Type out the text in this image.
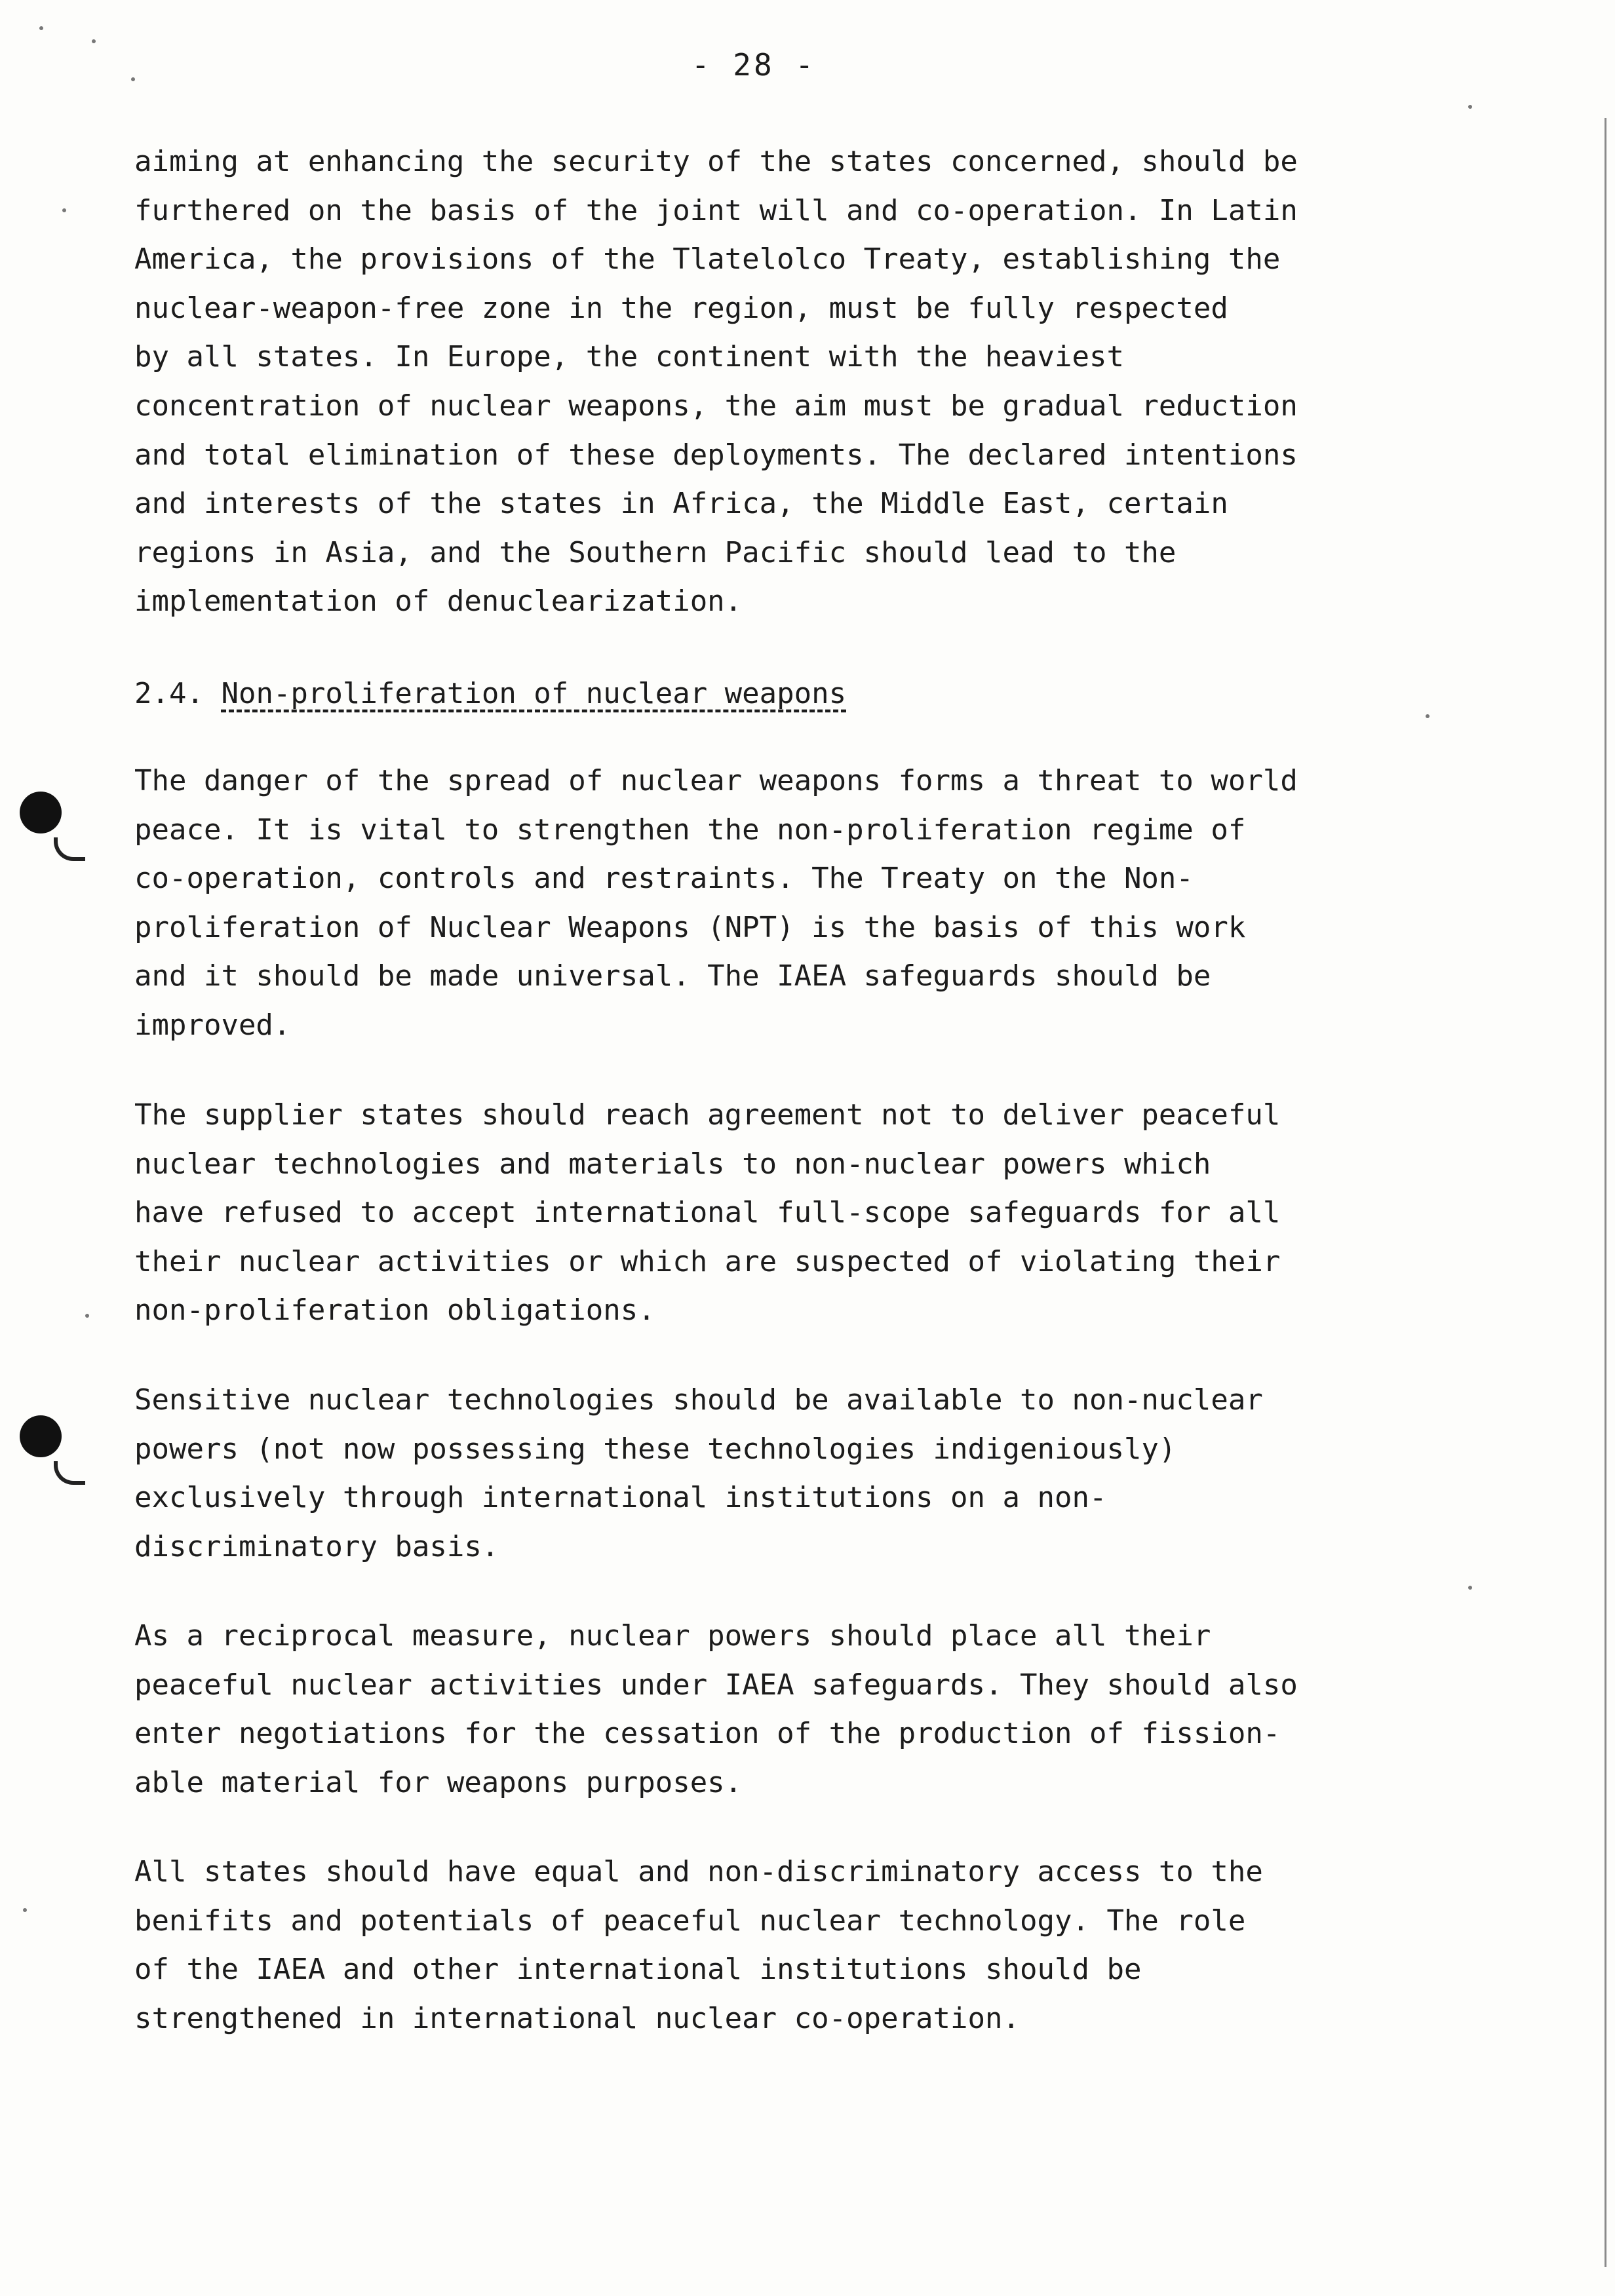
- 28 -
aiming at enhancing the security of the states concerned, should be
furthered on the basis of the joint will and co-operation. In Latin
America, the provisions of the Tlatelolco Treaty, establishing the
nuclear-weapon-free zone in the region, must be fully respected
by all states. In Europe, the continent with the heaviest
concentration of nuclear weapons, the aim must be gradual reduction
and total elimination of these deployments. The declared intentions
and interests of the states in Africa, the Middle East, certain
regions in Asia, and the Southern Pacific should lead to the
implementation of denuclearization.
2.4. Non-proliferation of nuclear weapons
The danger of the spread of nuclear weapons forms a threat to world
peace. It is vital to strengthen the non-proliferation regime of
co-operation, controls and restraints. The Treaty on the Non-
proliferation of Nuclear Weapons (NPT) is the basis of this work
and it should be made universal. The IAEA safeguards should be
improved.
The supplier states should reach agreement not to deliver peaceful
nuclear technologies and materials to non-nuclear powers which
have refused to accept international full-scope safeguards for all
their nuclear activities or which are suspected of violating their
non-proliferation obligations.
Sensitive nuclear technologies should be available to non-nuclear
powers (not now possessing these technologies indigeniously)
exclusively through international institutions on a non-
discriminatory basis.
As a reciprocal measure, nuclear powers should place all their
peaceful nuclear activities under IAEA safeguards. They should also
enter negotiations for the cessation of the production of fission-
able material for weapons purposes.
All states should have equal and non-discriminatory access to the
benifits and potentials of peaceful nuclear technology. The role
of the IAEA and other international institutions should be
strengthened in international nuclear co-operation.
